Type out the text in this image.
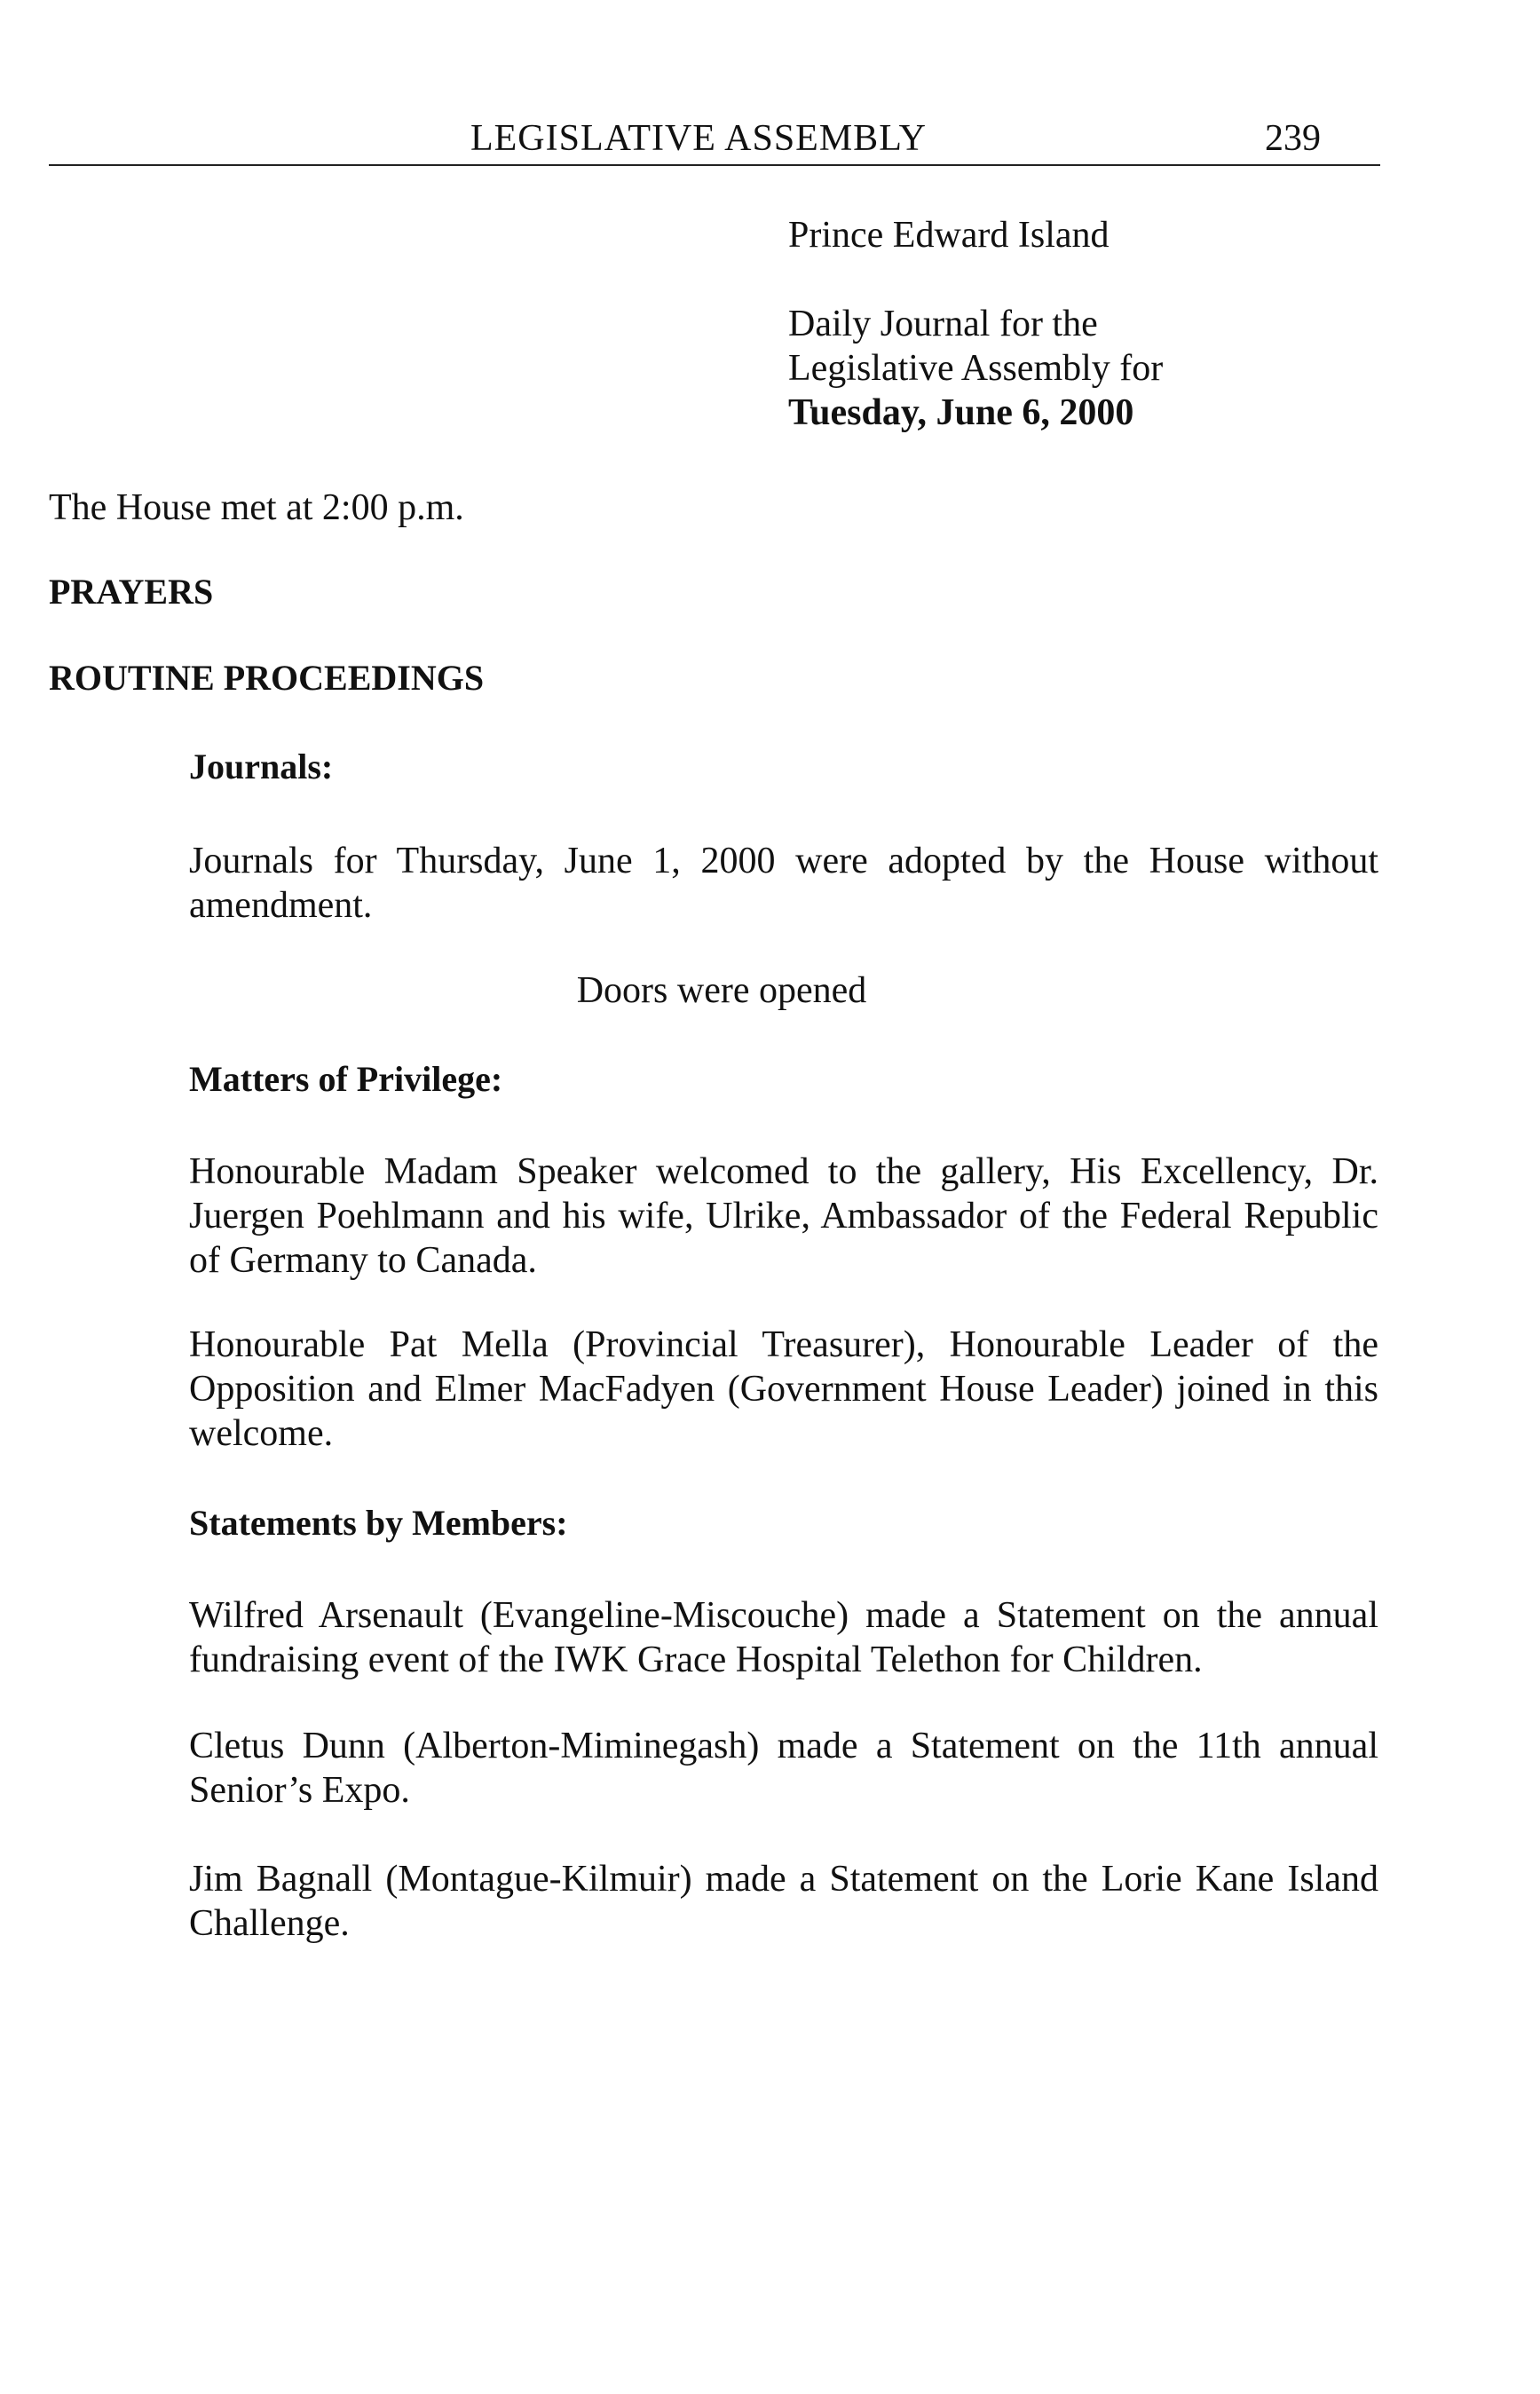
LEGISLATIVE ASSEMBLY	239
Prince Edward Island
Daily Journal for the
Legislative Assembly for
Tuesday, June 6, 2000
The House met at 2:00 p.m.
PRAYERS
ROUTINE PROCEEDINGS
Journals:
Journals for Thursday, June 1, 2000 were adopted by the House without amendment.
Doors were opened
Matters of Privilege:
Honourable Madam Speaker welcomed to the gallery, His Excellency, Dr. Juergen Poehlmann and his wife, Ulrike, Ambassador of the Federal Republic of Germany to Canada.
Honourable Pat Mella (Provincial Treasurer), Honourable Leader of the Opposition and Elmer MacFadyen (Government House Leader) joined in this welcome.
Statements by Members:
Wilfred Arsenault (Evangeline-Miscouche) made a Statement on the annual fundraising event of the IWK Grace Hospital Telethon for Children.
Cletus Dunn (Alberton-Miminegash) made a Statement on the 11th annual Senior’s Expo.
Jim Bagnall (Montague-Kilmuir) made a Statement on the Lorie Kane Island Challenge.
